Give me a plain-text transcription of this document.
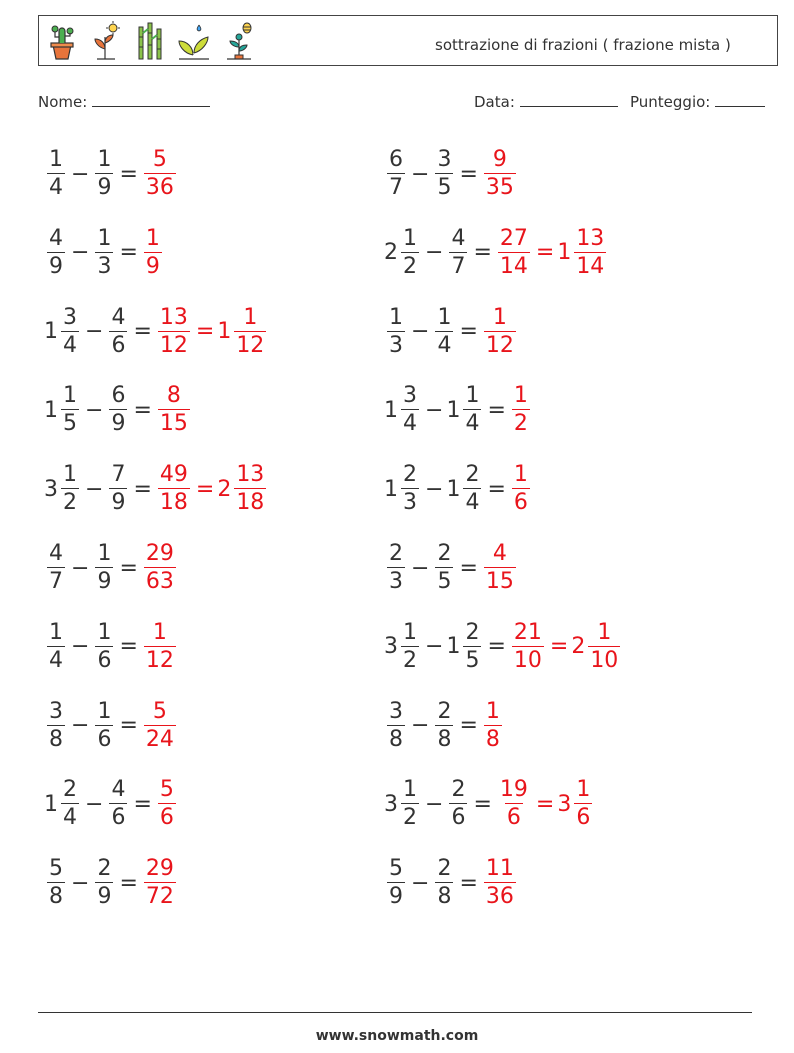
sottrazione di frazioni ( frazione mista )
Nome:	Data:	Punteggio:
$\frac{1}{4} - \frac{1}{9} = \frac{5}{36}$	$\frac{6}{7} - \frac{3}{5} = \frac{9}{35}$
$\frac{4}{9} - \frac{1}{3} = \frac{1}{9}$	$2 \frac{1}{2} - \frac{4}{7} = \frac{27}{14} = 1 \frac{13}{14}$
$1 \frac{3}{4} - \frac{4}{6} = \frac{13}{12} = 1 \frac{1}{12}$	$\frac{1}{3} - \frac{1}{4} = \frac{1}{12}$
$1 \frac{1}{5} - \frac{6}{9} = \frac{8}{15}$	$1 \frac{3}{4} - 1 \frac{1}{4} = \frac{1}{2}$
$3 \frac{1}{2} - \frac{7}{9} = \frac{49}{18} = 2 \frac{13}{18}$	$1 \frac{2}{3} - 1 \frac{2}{4} = \frac{1}{6}$
$\frac{4}{7} - \frac{1}{9} = \frac{29}{63}$	$\frac{2}{3} - \frac{2}{5} = \frac{4}{15}$
$\frac{1}{4} - \frac{1}{6} = \frac{1}{12}$	$3 \frac{1}{2} - 1 \frac{2}{5} = \frac{21}{10} = 2 \frac{1}{10}$
$\frac{3}{8} - \frac{1}{6} = \frac{5}{24}$	$\frac{3}{8} - \frac{2}{8} = \frac{1}{8}$
$1 \frac{2}{4} - \frac{4}{6} = \frac{5}{6}$	$3 \frac{1}{2} - \frac{2}{6} = \frac{19}{6} = 3 \frac{1}{6}$
$\frac{5}{8} - \frac{2}{9} = \frac{29}{72}$	$\frac{5}{9} - \frac{2}{8} = \frac{11}{36}$
www.snowmath.com
